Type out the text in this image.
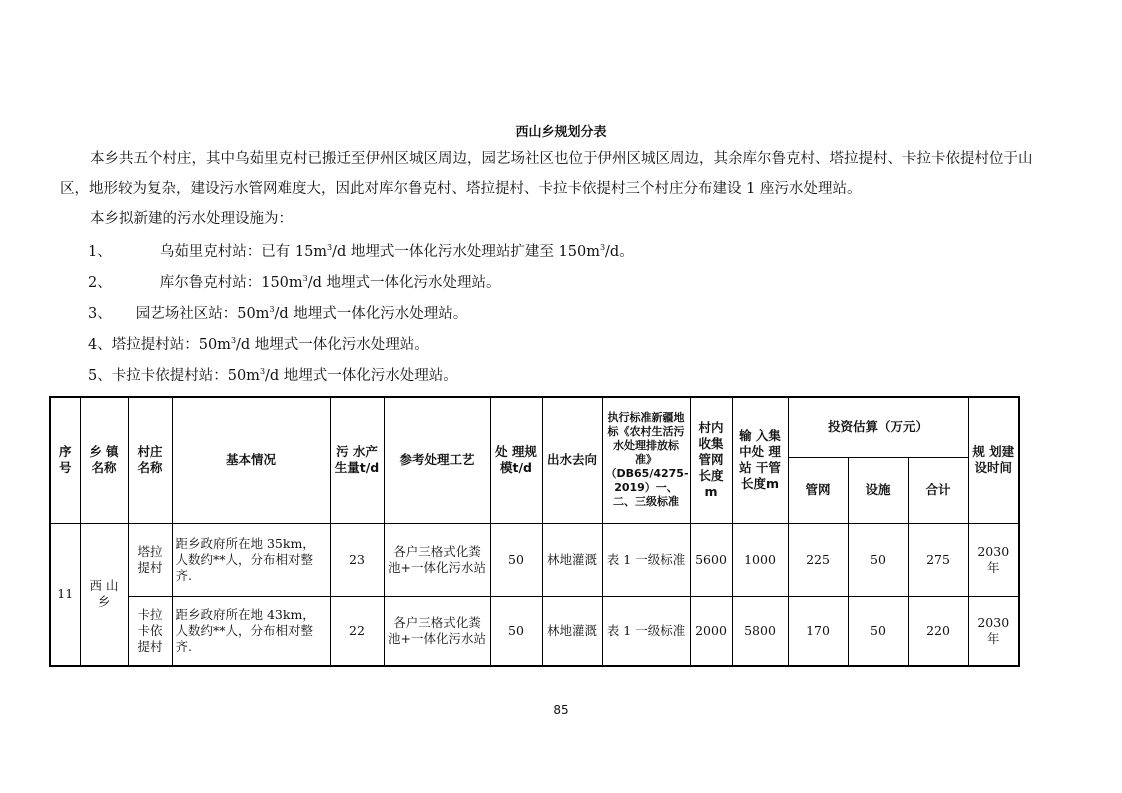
西山乡规划分表
本乡共五个村庄，其中乌茹里克村已搬迁至伊州区城区周边，园艺场社区也位于伊州区城区周边，其余库尔鲁克村、塔拉提村、卡拉卡依提村位于山区，地形较为复杂，建设污水管网难度大，因此对库尔鲁克村、塔拉提村、卡拉卡依提村三个村庄分布建设 1 座污水处理站。
本乡拟新建的污水处理设施为：
1、	乌茹里克村站：已有 $15m^3/d$ 地埋式一体化污水处理站扩建至 $150m^3/d$。
2、	库尔鲁克村站：$150m^3/d$ 地埋式一体化污水处理站。
3、 园艺场社区站：$50m^3/d$ 地埋式一体化污水处理站。
4、塔拉提村站：$50m^3/d$ 地埋式一体化污水处理站。
5、卡拉卡依提村站：$50m^3/d$ 地埋式一体化污水处理站。
序号	乡 镇名称	村庄名称	基本情况	污 水产 生量t/d	参考处理工艺	处 理规 模t/d	出水去向	执行标准新疆地标《农村生活污水处理排放标准》（DB65/4275-2019）一、二、三级标准	村内收集管网长度m	输 入集 中处 理站 干管 长度m	投资估算（万元）			规 划建 设时间
											管网	设施	合计	
11	西 山乡	塔拉提村	距乡政府所在地 35km，人数约**人，分布相对整齐.	23	各户三格式化粪池+一体化污水站	50	林地灌溉	表 1 一级标准	5600	1000	225	50	275	2030年
		卡拉卡依提村	距乡政府所在地 43km，人数约**人，分布相对整齐.	22	各户三格式化粪池+一体化污水站	50	林地灌溉	表 1 一级标准	2000	5800	170	50	220	2030年
85
